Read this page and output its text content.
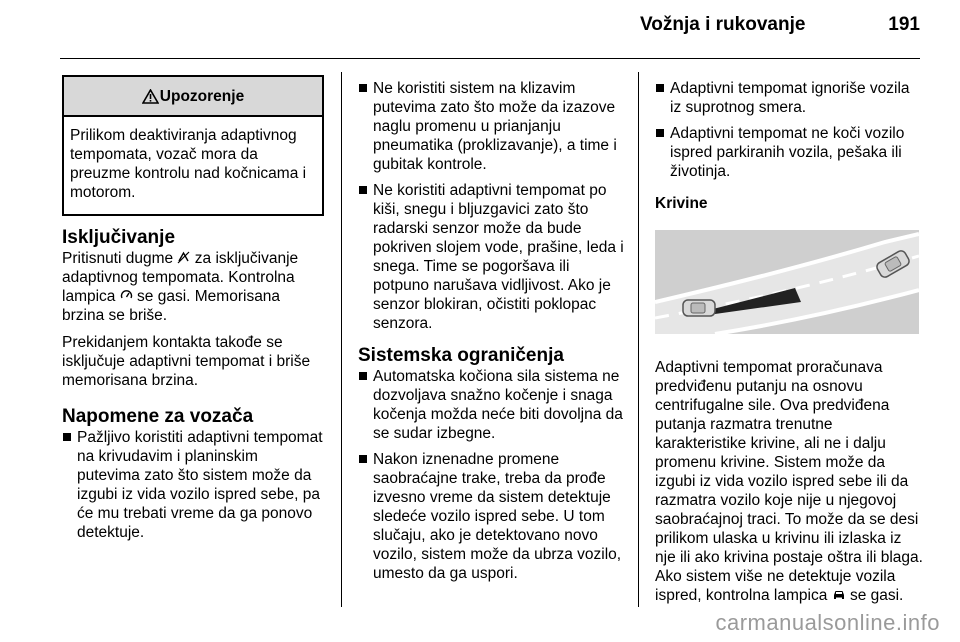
Vožnja i rukovanje	191
Upozorenje
Prilikom deaktiviranja adaptivnog tempomata, vozač mora da preuzme kontrolu nad kočnicama i motorom.
Isključivanje

Pritisnuti dugme za isključivanje adaptivnog tempomata. Kontrolna lampica se gasi. Memorisana brzina se briše.

Prekidanjem kontakta takođe se isključuje adaptivni tempomat i briše memorisana brzina.

Napomene za vozača
Pažljivo koristiti adaptivni tempomat na krivudavim i planinskim putevima zato što sistem može da izgubi iz vida vozilo ispred sebe, pa će mu trebati vreme da ga ponovo detektuje.
Ne koristiti sistem na klizavim putevima zato što može da izazove naglu promenu u prianjanju pneumatika (proklizavanje), a time i gubitak kontrole.
Ne koristiti adaptivni tempomat po kiši, snegu i bljuzgavici zato što radarski senzor može da bude pokriven slojem vode, prašine, leda i snega. Time se pogoršava ili potpuno narušava vidljivost. Ako je senzor blokiran, očistiti poklopac senzora.
Sistemska ograničenja
Automatska kočiona sila sistema ne dozvoljava snažno kočenje i snaga kočenja možda neće biti dovoljna da se sudar izbegne.
Nakon iznenadne promene saobraćajne trake, treba da prođe izvesno vreme da sistem detektuje sledeće vozilo ispred sebe. U tom slučaju, ako je detektovano novo vozilo, sistem može da ubrza vozilo, umesto da ga uspori.
Adaptivni tempomat ignoriše vozila iz suprotnog smera.
Adaptivni tempomat ne koči vozilo ispred parkiranih vozila, pešaka ili životinja.
Krivine

Adaptivni tempomat proračunava predviđenu putanju na osnovu centrifugalne sile. Ova predviđena putanja razmatra trenutne karakteristike krivine, ali ne i dalju promenu krivine. Sistem može da izgubi iz vida vozilo ispred sebe ili da razmatra vozilo koje nije u njegovoj saobraćajnoj traci. To može da se desi prilikom ulaska u krivinu ili izlaska iz nje ili ako krivina postaje oštra ili blaga. Ako sistem više ne detektuje vozila ispred, kontrolna lampica se gasi.

carmanualsonline.info
